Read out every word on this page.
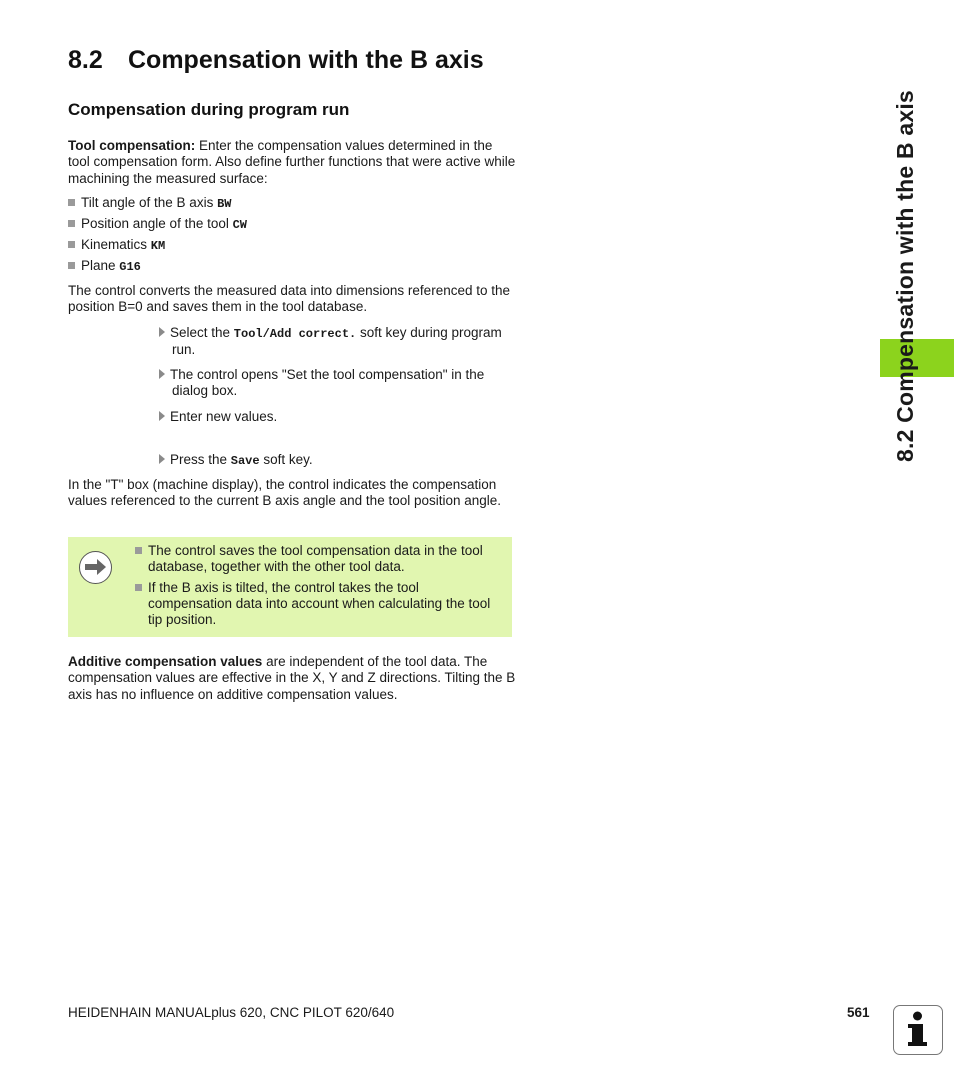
8.2 Compensation with the B axis
Compensation during program run
Tool compensation: Enter the compensation values determined in the tool compensation form. Also define further functions that were active while machining the measured surface:
Tilt angle of the B axis BW
Position angle of the tool CW
Kinematics KM
Plane G16
The control converts the measured data into dimensions referenced to the position B=0 and saves them in the tool database.
Select the Tool/Add correct. soft key during program
run.
The control opens "Set the tool compensation" in the
dialog box.
Enter new values.
Press the Save soft key.
In the "T" box (machine display), the control indicates the compensation values referenced to the current B axis angle and the tool position angle.
The control saves the tool compensation data in the tool database, together with the other tool data.
If the B axis is tilted, the control takes the tool compensation data into account when calculating the tool tip position.
Additive compensation values are independent of the tool data. The compensation values are effective in the X, Y and Z directions. Tilting the B axis has no influence on additive compensation values.
8.2 Compensation with the B axis
HEIDENHAIN MANUALplus 620, CNC PILOT 620/640	561
